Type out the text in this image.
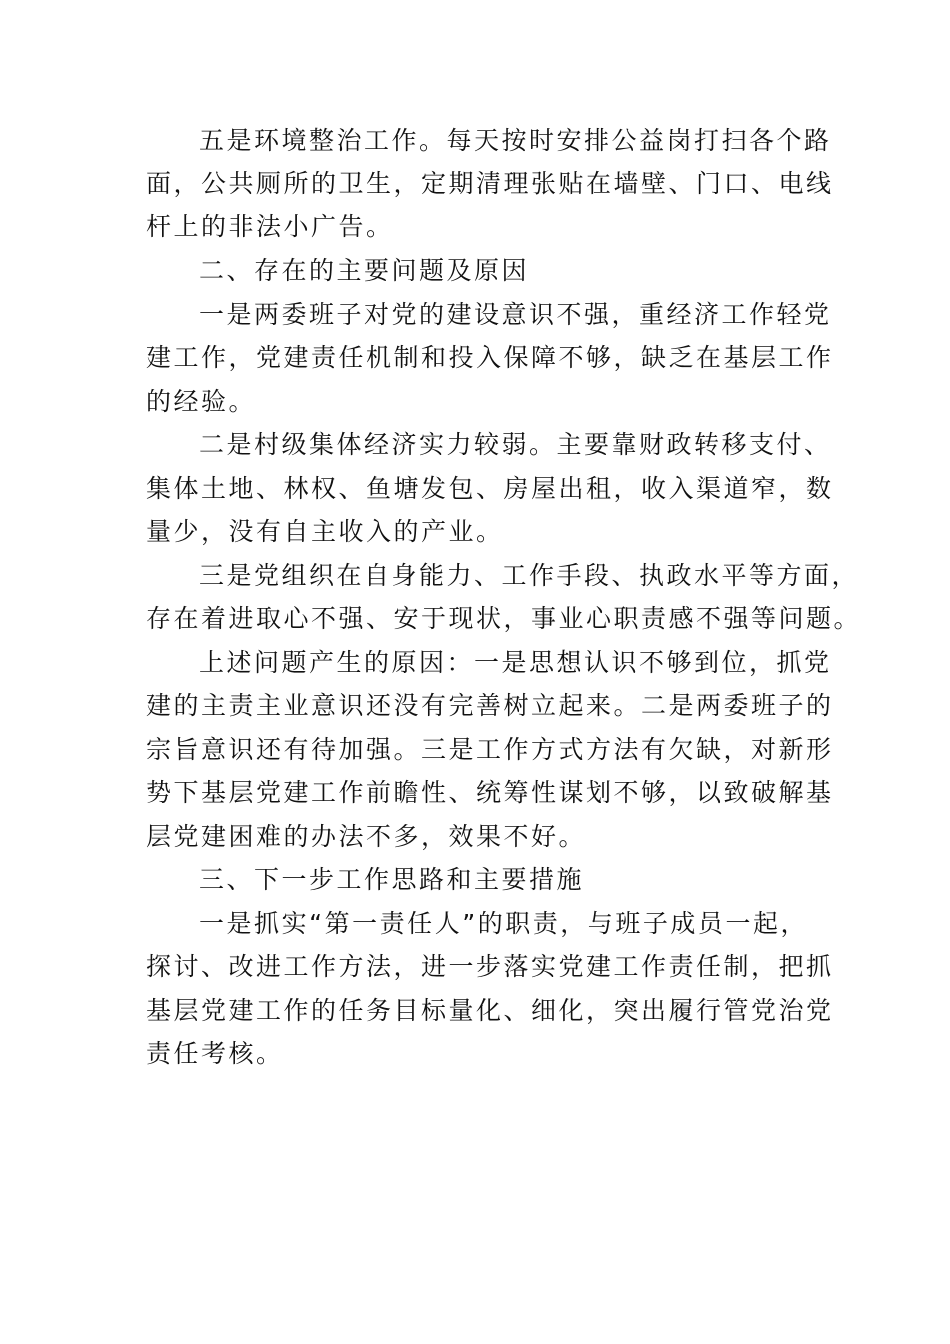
五是环境整治工作。每天按时安排公益岗打扫各个路
面，公共厕所的卫生，定期清理张贴在墙壁、门口、电线
杆上的非法小广告。
二、存在的主要问题及原因
一是两委班子对党的建设意识不强，重经济工作轻党
建工作，党建责任机制和投入保障不够，缺乏在基层工作
的经验。
二是村级集体经济实力较弱。主要靠财政转移支付、
集体土地、林权、鱼塘发包、房屋出租，收入渠道窄，数
量少，没有自主收入的产业。
三是党组织在自身能力、工作手段、执政水平等方面，
存在着进取心不强、安于现状，事业心职责感不强等问题。
上述问题产生的原因：一是思想认识不够到位，抓党
建的主责主业意识还没有完善树立起来。二是两委班子的
宗旨意识还有待加强。三是工作方式方法有欠缺，对新形
势下基层党建工作前瞻性、统筹性谋划不够，以致破解基
层党建困难的办法不多，效果不好。
三、下一步工作思路和主要措施
一是抓实“第一责任人”的职责，与班子成员一起，
探讨、改进工作方法，进一步落实党建工作责任制，把抓
基层党建工作的任务目标量化、细化，突出履行管党治党
责任考核。
